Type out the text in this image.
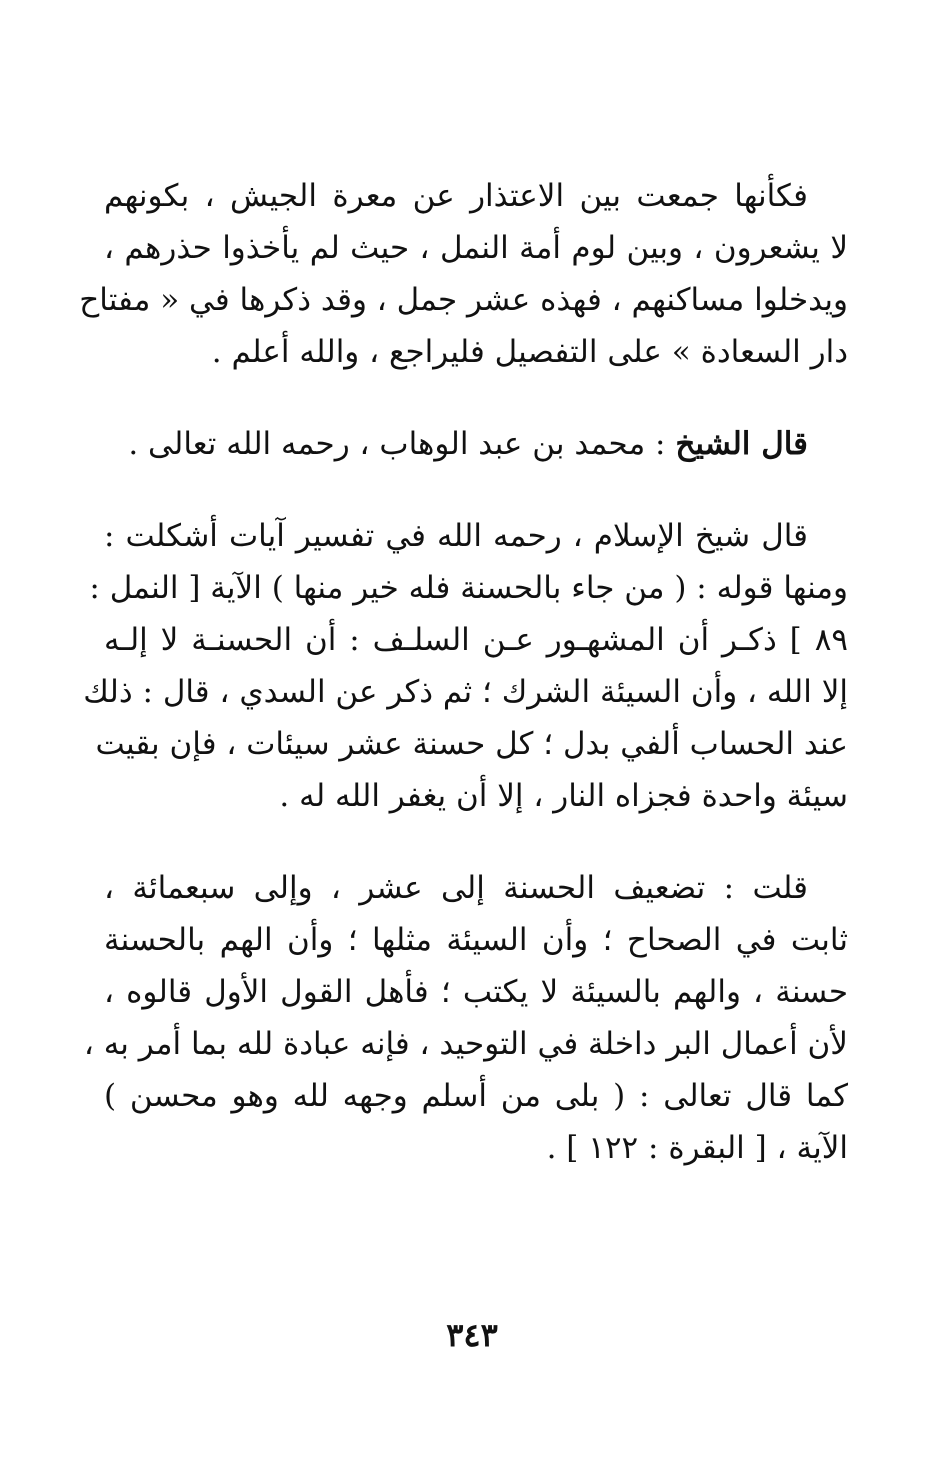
فكأنها جمعت بين الاعتذار عن معرة الجيش ، بكونهم
لا يشعرون ، وبين لوم أمة النمل ، حيث لم يأخذوا حذرهم ،
ويدخلوا مساكنهم ، فهذه عشر جمل ، وقد ذكرها في « مفتاح
دار السعادة » على التفصيل فليراجع ، والله أعلم .
قال الشيخ : محمد بن عبد الوهاب ، رحمه الله تعالى .
قال شيخ الإسلام ، رحمه الله في تفسير آيات أشكلت :
ومنها قوله : ( من جاء بالحسنة فله خير منها ) الآية [ النمل :
٨٩ ] ذكـر أن المشهـور عـن السلـف : أن الحسنـة لا إلـه
إلا الله ، وأن السيئة الشرك ؛ ثم ذكر عن السدي ، قال : ذلك
عند الحساب ألفي بدل ؛ كل حسنة عشر سيئات ، فإن بقيت
سيئة واحدة فجزاه النار ، إلا أن يغفر الله له .
قلت : تضعيف الحسنة إلى عشر ، وإلى سبعمائة ،
ثابت في الصحاح ؛ وأن السيئة مثلها ؛ وأن الهم بالحسنة
حسنة ، والهم بالسيئة لا يكتب ؛ فأهل القول الأول قالوه ،
لأن أعمال البر داخلة في التوحيد ، فإنه عبادة لله بما أمر به ،
كما قال تعالى : ( بلى من أسلم وجهه لله وهو محسن )
الآية ، [ البقرة : ١٢٢ ] .
٣٤٣
